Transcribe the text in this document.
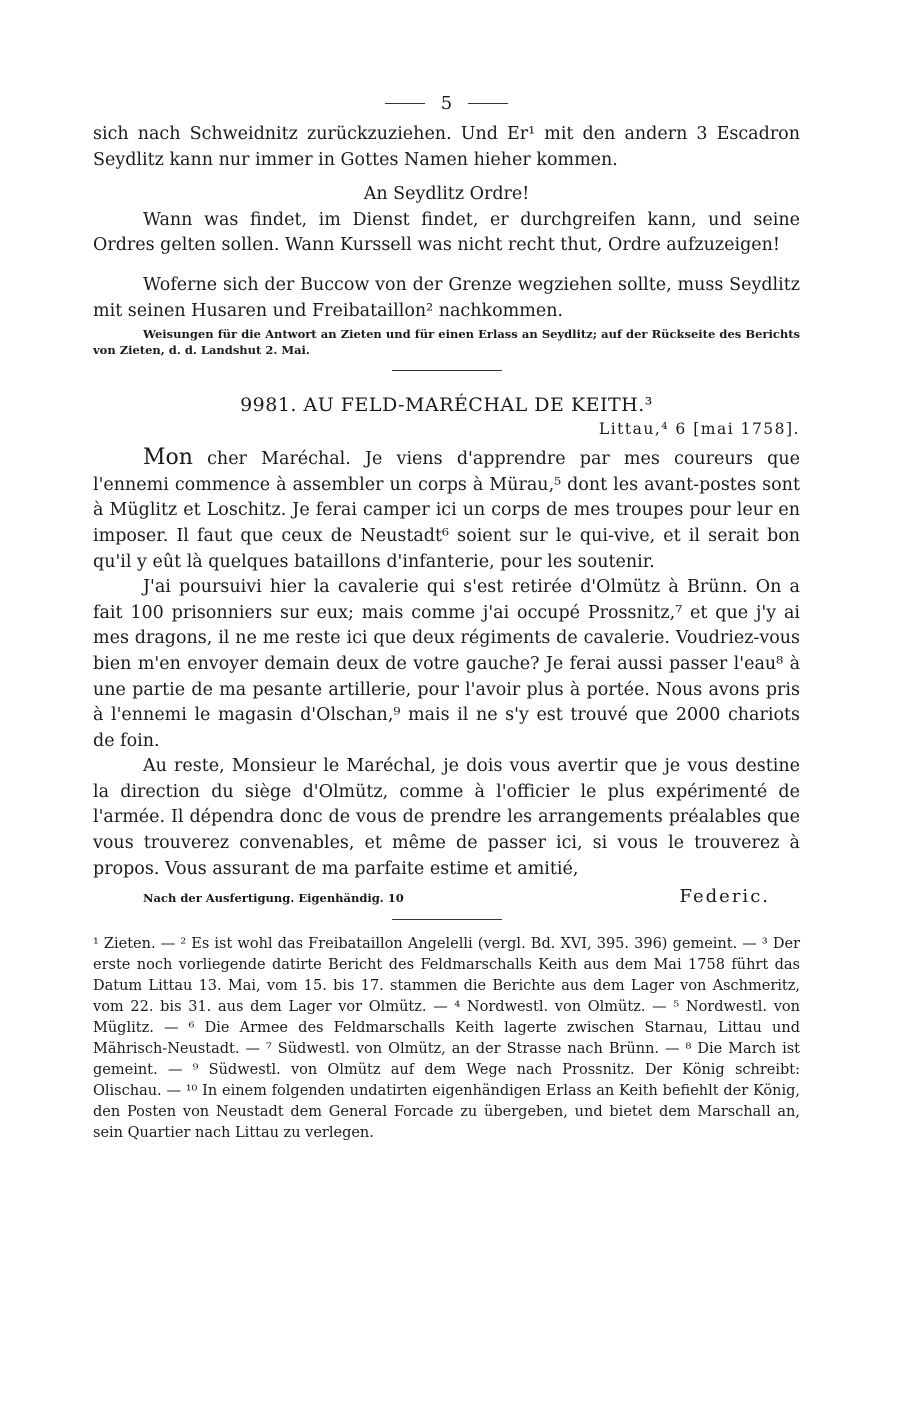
5

sich nach Schweidnitz zurückzuziehen. Und Er¹ mit den andern 3 Escadron Seydlitz kann nur immer in Gottes Namen hieher kommen.

An Seydlitz Ordre!

Wann was findet, im Dienst findet, er durchgreifen kann, und seine Ordres gelten sollen. Wann Kurssell was nicht recht thut, Ordre aufzuzeigen!

Woferne sich der Buccow von der Grenze wegziehen sollte, muss Seydlitz mit seinen Husaren und Freibataillon² nachkommen.

Weisungen für die Antwort an Zieten und für einen Erlass an Seydlitz; auf der Rückseite des Berichts von Zieten, d. d. Landshut 2. Mai.

9981. AU FELD-MARÉCHAL DE KEITH.³

Littau,⁴ 6 [mai 1758].

Mon cher Maréchal. Je viens d'apprendre par mes coureurs que l'ennemi commence à assembler un corps à Mürau,⁵ dont les avant-postes sont à Müglitz et Loschitz. Je ferai camper ici un corps de mes troupes pour leur en imposer. Il faut que ceux de Neustadt⁶ soient sur le qui-vive, et il serait bon qu'il y eût là quelques bataillons d'infanterie, pour les soutenir.

J'ai poursuivi hier la cavalerie qui s'est retirée d'Olmütz à Brünn. On a fait 100 prisonniers sur eux; mais comme j'ai occupé Prossnitz,⁷ et que j'y ai mes dragons, il ne me reste ici que deux régiments de cavalerie. Voudriez-vous bien m'en envoyer demain deux de votre gauche? Je ferai aussi passer l'eau⁸ à une partie de ma pesante artillerie, pour l'avoir plus à portée. Nous avons pris à l'ennemi le magasin d'Olschan,⁹ mais il ne s'y est trouvé que 2000 chariots de foin.

Au reste, Monsieur le Maréchal, je dois vous avertir que je vous destine la direction du siège d'Olmütz, comme à l'officier le plus expérimenté de l'armée. Il dépendra donc de vous de prendre les arrangements préalables que vous trouverez convenables, et même de passer ici, si vous le trouverez à propos. Vous assurant de ma parfaite estime et amitié,

Nach der Ausfertigung. Eigenhändig. 10	Federic.

¹ Zieten. — ² Es ist wohl das Freibataillon Angelelli (vergl. Bd. XVI, 395. 396) gemeint. — ³ Der erste noch vorliegende datirte Bericht des Feldmarschalls Keith aus dem Mai 1758 führt das Datum Littau 13. Mai, vom 15. bis 17. stammen die Berichte aus dem Lager von Aschmeritz, vom 22. bis 31. aus dem Lager vor Olmütz. — ⁴ Nordwestl. von Olmütz. — ⁵ Nordwestl. von Müglitz. — ⁶ Die Armee des Feldmarschalls Keith lagerte zwischen Starnau, Littau und Mährisch-Neustadt. — ⁷ Südwestl. von Olmütz, an der Strasse nach Brünn. — ⁸ Die March ist gemeint. — ⁹ Südwestl. von Olmütz auf dem Wege nach Prossnitz. Der König schreibt: Olischau. — ¹⁰ In einem folgenden undatirten eigenhändigen Erlass an Keith befiehlt der König, den Posten von Neustadt dem General Forcade zu übergeben, und bietet dem Marschall an, sein Quartier nach Littau zu verlegen.
